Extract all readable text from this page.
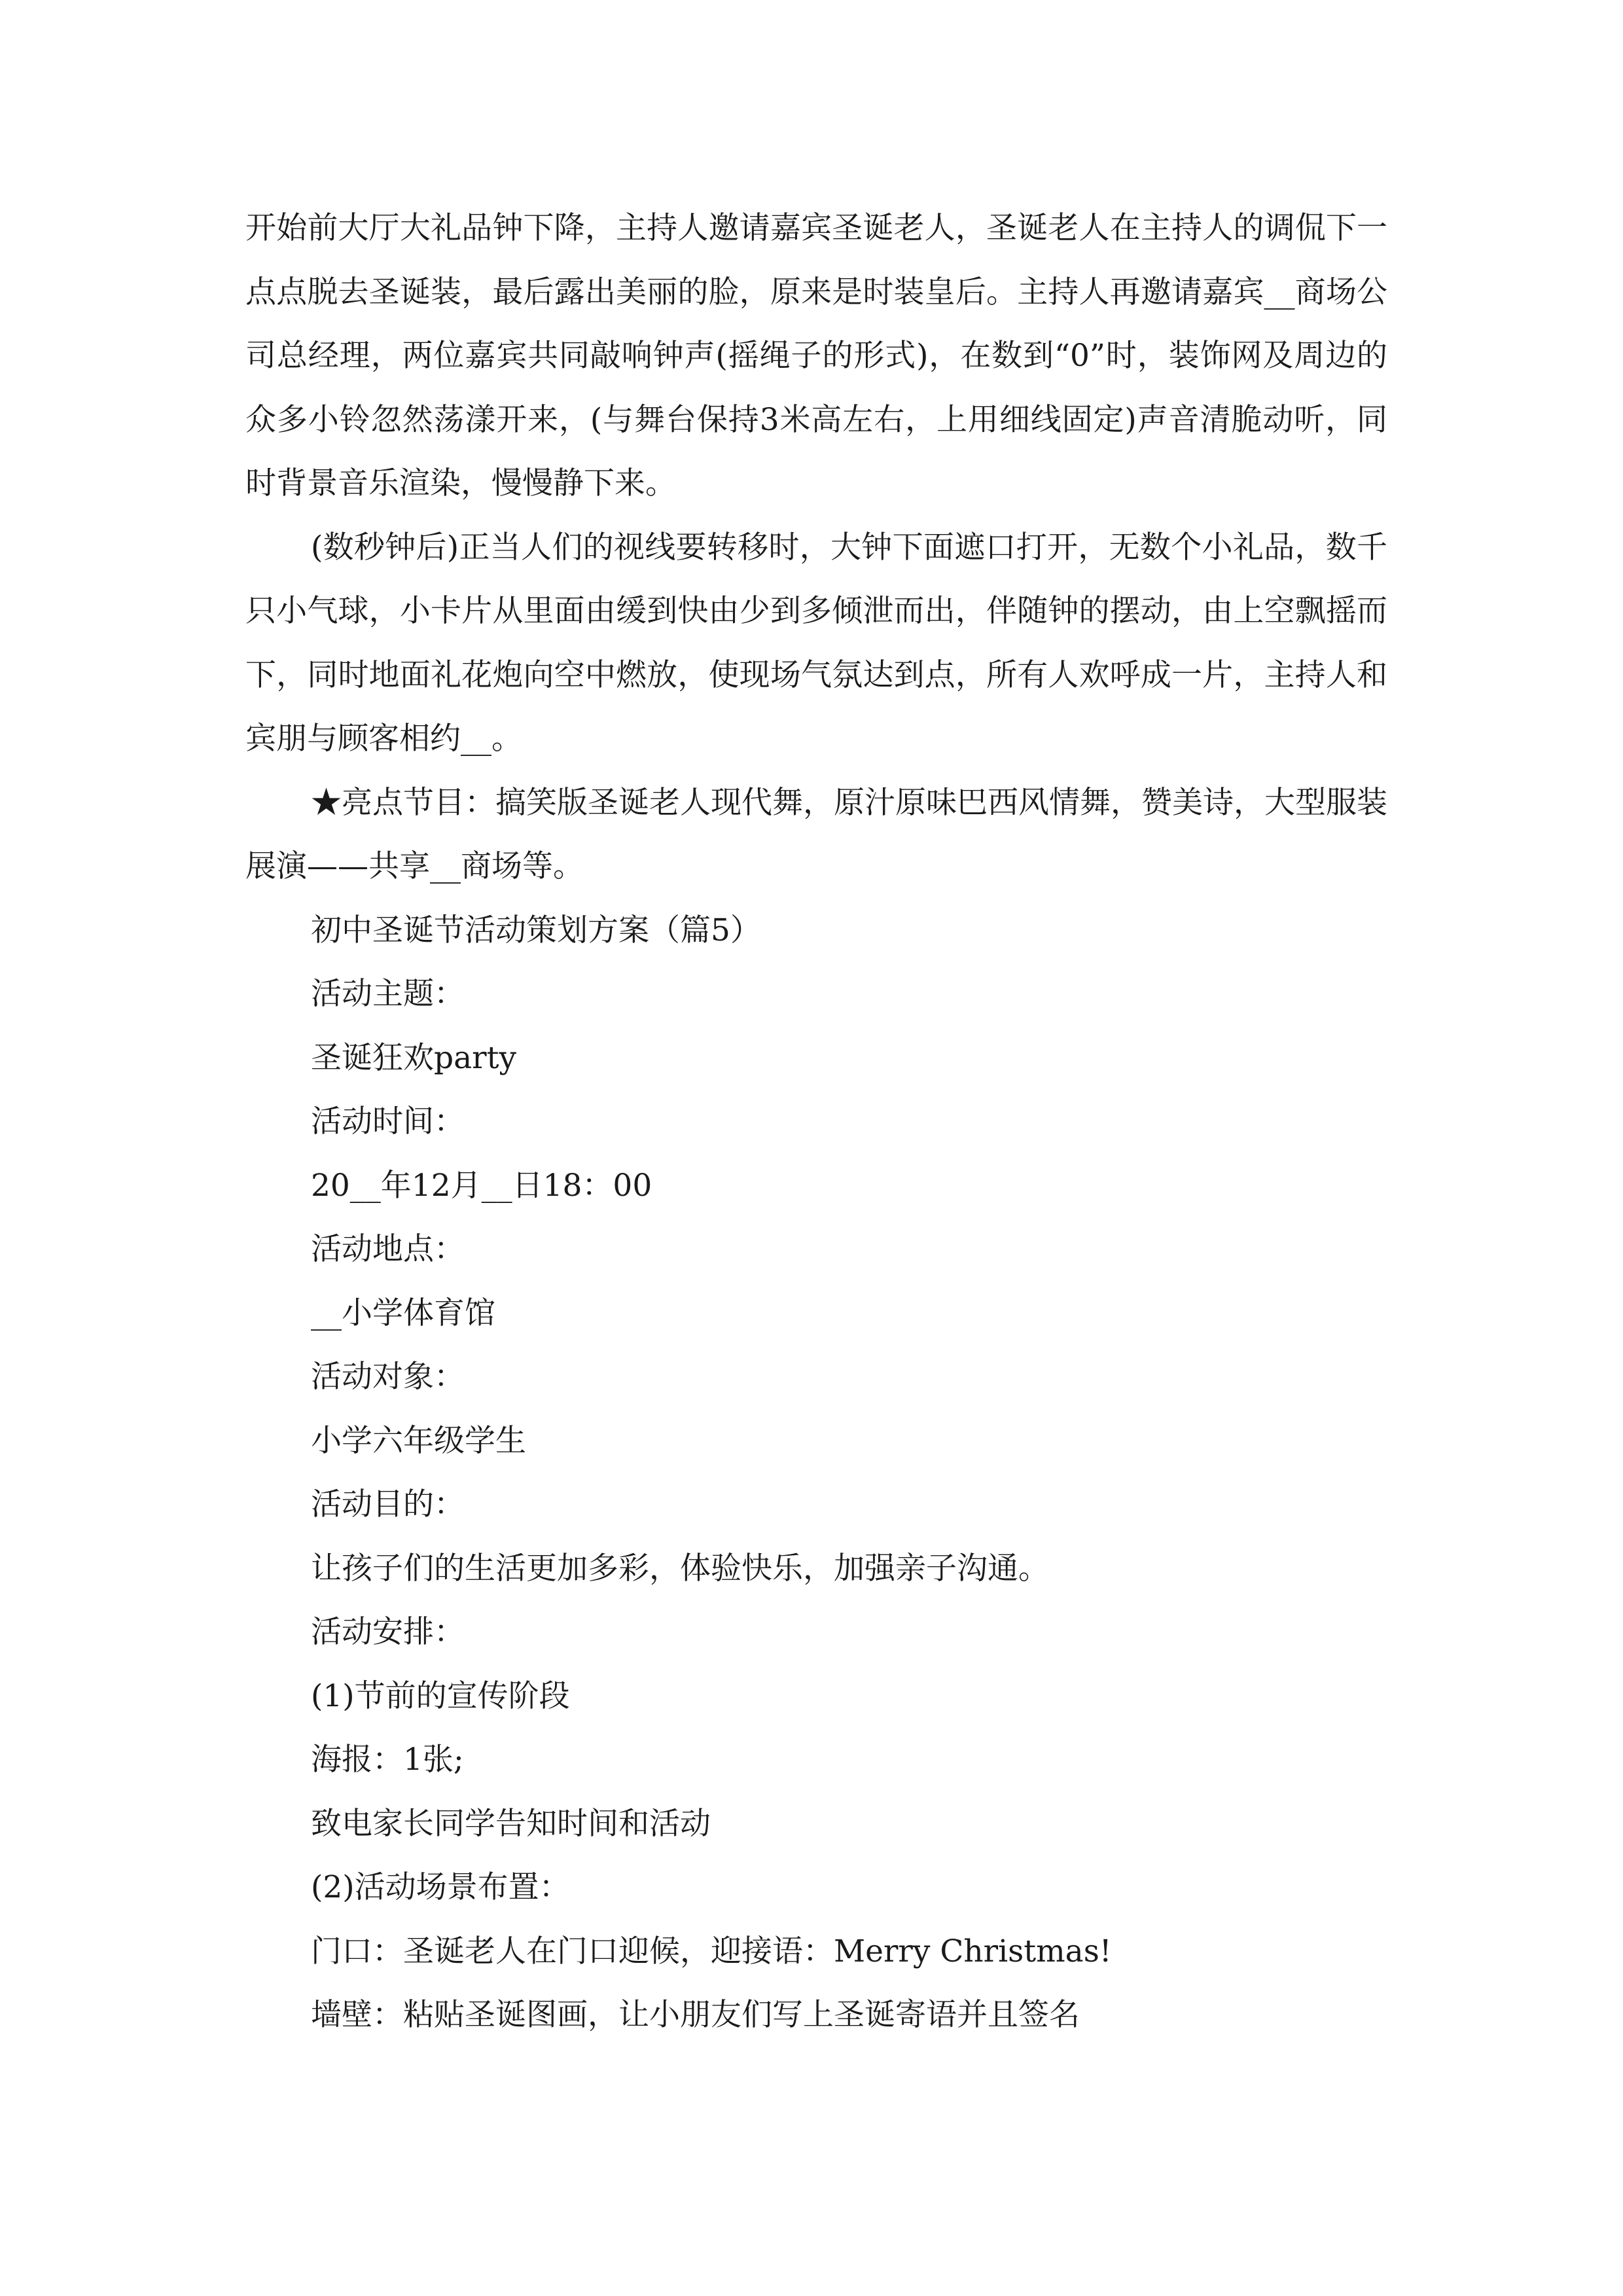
开始前大厅大礼品钟下降，主持人邀请嘉宾圣诞老人，圣诞老人在主持人的调侃下一点点脱去圣诞装，最后露出美丽的脸，原来是时装皇后。主持人再邀请嘉宾__商场公司总经理，两位嘉宾共同敲响钟声(摇绳子的形式)，在数到“0”时，装饰网及周边的众多小铃忽然荡漾开来，(与舞台保持3米高左右，上用细线固定)声音清脆动听，同时背景音乐渲染，慢慢静下来。

(数秒钟后)正当人们的视线要转移时，大钟下面遮口打开，无数个小礼品，数千只小气球，小卡片从里面由缓到快由少到多倾泄而出，伴随钟的摆动，由上空飘摇而下，同时地面礼花炮向空中燃放，使现场气氛达到点，所有人欢呼成一片，主持人和宾朋与顾客相约__。

★亮点节目：搞笑版圣诞老人现代舞，原汁原味巴西风情舞，赞美诗，大型服装展演——共享__商场等。

初中圣诞节活动策划方案（篇5）

活动主题：

圣诞狂欢party

活动时间：

20__年12月__日18：00

活动地点：

__小学体育馆

活动对象：

小学六年级学生

活动目的：

让孩子们的生活更加多彩，体验快乐，加强亲子沟通。

活动安排：

(1)节前的宣传阶段

海报：1张;

致电家长同学告知时间和活动

(2)活动场景布置：

门口：圣诞老人在门口迎候，迎接语：Merry Christmas!

墙壁：粘贴圣诞图画，让小朋友们写上圣诞寄语并且签名
